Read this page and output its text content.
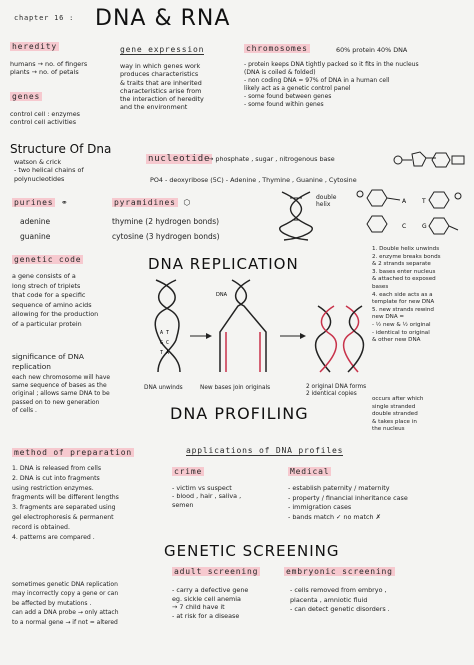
chapter 16 : DNA & RNA
heredity
humans → no. of fingers
plants → no. of petals
genes
control cell : enzymes
control cell activities
gene expression
way in which genes work
produces characteristics
& traits that are inherited
characteristics arise from
the interaction of heredity
and the environment
chromosomes	60% protein 40% DNA
- protein keeps DNA tightly packed so it fits in the nucleus
(DNA is coiled & folded)
- non coding DNA = 97% of DNA in a human cell
likely act as a genetic control panel
- some found between genes
- some found within genes
Structure Of Dna
watson & crick
- two helical chains of
polynucleotides
nucleotide
→ phosphate , sugar , nitrogenous base
PO4 - deoxyribose (5C) - Adenine , Thymine , Guanine , Cytosine
purines ⚭	pyramidines ⬡
adenine	thymine (2 hydrogen bonds)
guanine	cytosine (3 hydrogen bonds)
double
helix	A	T
C	G
genetic code
a gene consists of a
long strech of triplets
that code for a specific
sequence of amino acids
allowing for the production
of a particular protein
significance of DNA
replication
each new chromosome will have
same sequence of bases as the
original ; allows same DNA to be
passed on to new generation
of cells .
DNA REPLICATION
A T
G C
T A
DNA
DNA unwinds	New bases join originals	2 original DNA forms
2 identical copies
1. Double helix unwinds
2. enzyme breaks bonds
& 2 strands separate
3. bases enter nucleus
& attached to exposed
bases
4. each side acts as a
template for new DNA
5. new strands rewind
new DNA =
- ½ new & ½ original
- identical to original
& other new DNA
occurs after which
single stranded
double stranded
& takes place in
the nucleus
DNA PROFILING
method of preparation
1. DNA is released from cells
2. DNA is cut into fragments
using restriction enzymes.
fragments will be different lengths
3. fragments are separated using
gel electrophoresis & permanent
record is obtained.
4. patterns are compared .
applications of DNA profiles
crime
- victim vs suspect
- blood , hair , saliva ,
semen
Medical
- establish paternity / maternity
- property / financial inheritance case
- immigration cases
- bands match ✓ no match ✗
sometimes genetic DNA replication
may incorrectly copy a gene or can
be affected by mutations .
can add a DNA probe → only attach
to a normal gene → if not = altered
GENETIC SCREENING
adult screening
- carry a defective gene
eg. sickle cell anemia
→ 7 child have it
- at risk for a disease
embryonic screening
- cells removed from embryo ,
placenta , amniotic fluid
- can detect genetic disorders .
